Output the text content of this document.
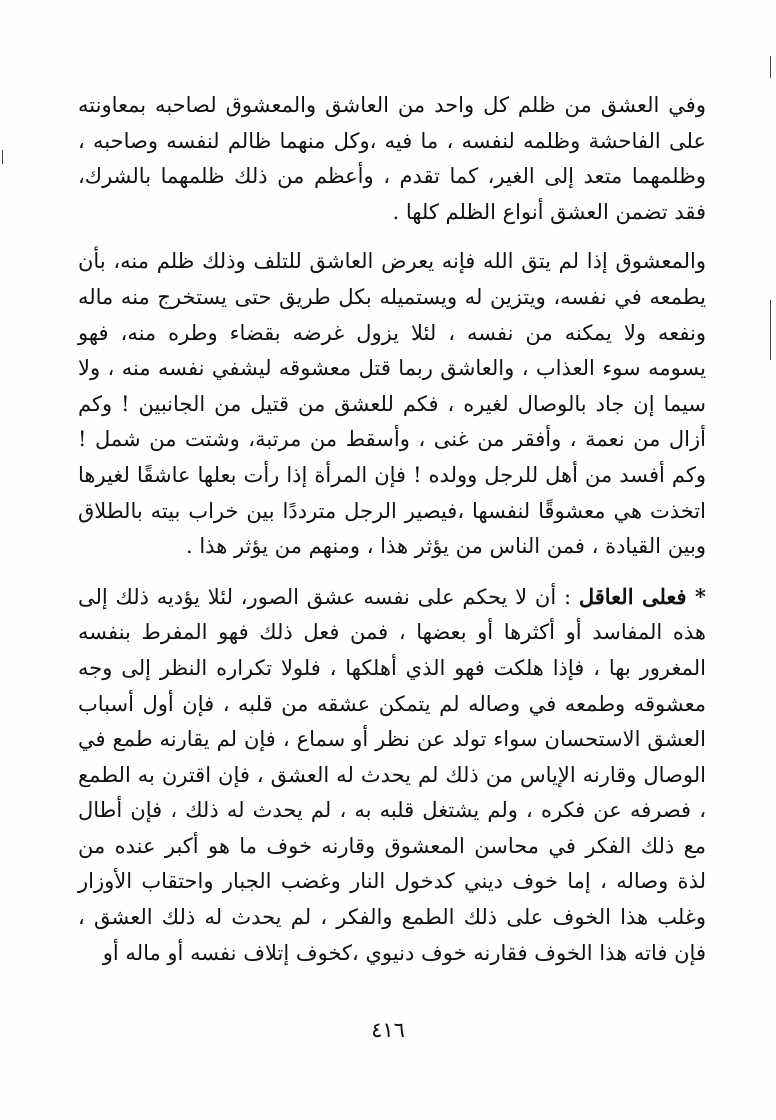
وفي العشق من ظلم كل واحد من العاشق والمعشوق لصاحبه بمعاونته على الفاحشة وظلمه لنفسه ، ما فيه ،وكل منهما ظالم لنفسه وصاحبه ، وظلمهما متعد إلى الغير، كما تقدم ، وأعظم من ذلك ظلمهما بالشرك، فقد تضمن العشق أنواع الظلم كلها .

والمعشوق إذا لم يتق الله فإنه يعرض العاشق للتلف وذلك ظلم منه، بأن يطمعه في نفسه، ويتزين له ويستميله بكل طريق حتى يستخرج منه ماله ونفعه ولا يمكنه من نفسه ، لئلا يزول غرضه بقضاء وطره منه، فهو يسومه سوء العذاب ، والعاشق ربما قتل معشوقه ليشفي نفسه منه ، ولا سيما إن جاد بالوصال لغيره ، فكم للعشق من قتيل من الجانبين ! وكم أزال من نعمة ، وأفقر من غنى ، وأسقط من مرتبة، وشتت من شمل ! وكم أفسد من أهل للرجل وولده ! فإن المرأة إذا رأت بعلها عاشقًا لغيرها اتخذت هي معشوقًا لنفسها ،فيصير الرجل مترددًا بين خراب بيته بالطلاق وبين القيادة ، فمن الناس من يؤثر هذا ، ومنهم من يؤثر هذا .

* فعلى العاقل : أن لا يحكم على نفسه عشق الصور، لئلا يؤديه ذلك إلى هذه المفاسد أو أكثرها أو بعضها ، فمن فعل ذلك فهو المفرط بنفسه المغرور بها ، فإذا هلكت فهو الذي أهلكها ، فلولا تكراره النظر إلى وجه معشوقه وطمعه في وصاله لم يتمكن عشقه من قلبه ، فإن أول أسباب العشق الاستحسان سواء تولد عن نظر أو سماع ، فإن لم يقارنه طمع في الوصال وقارنه الإياس من ذلك لم يحدث له العشق ، فإن اقترن به الطمع ، فصرفه عن فكره ، ولم يشتغل قلبه به ، لم يحدث له ذلك ، فإن أطال مع ذلك الفكر في محاسن المعشوق وقارنه خوف ما هو أكبر عنده من لذة وصاله ، إما خوف ديني كدخول النار وغضب الجبار واحتقاب الأوزار وغلب هذا الخوف على ذلك الطمع والفكر ، لم يحدث له ذلك العشق ، فإن فاته هذا الخوف فقارنه خوف دنيوي ،كخوف إتلاف نفسه أو ماله أو

٤١٦
